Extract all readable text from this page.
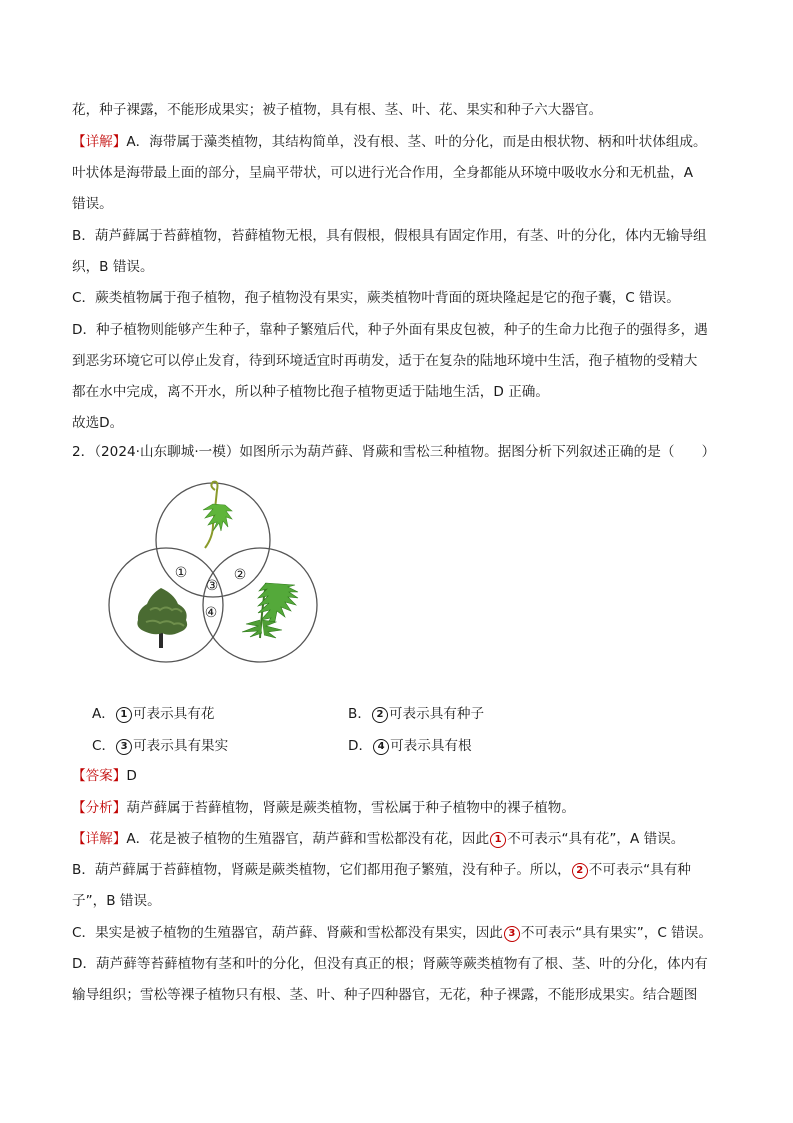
花，种子裸露，不能形成果实；被子植物，具有根、茎、叶、花、果实和种子六大器官。
【详解】A．海带属于藻类植物，其结构简单，没有根、茎、叶的分化，而是由根状物、柄和叶状体组成。
叶状体是海带最上面的部分，呈扁平带状，可以进行光合作用，全身都能从环境中吸收水分和无机盐，A
错误。
B．葫芦藓属于苔藓植物，苔藓植物无根，具有假根，假根具有固定作用，有茎、叶的分化，体内无输导组
织，B 错误。
C．蕨类植物属于孢子植物，孢子植物没有果实，蕨类植物叶背面的斑块隆起是它的孢子囊，C 错误。
D．种子植物则能够产生种子，靠种子繁殖后代，种子外面有果皮包被，种子的生命力比孢子的强得多，遇
到恶劣环境它可以停止发育，待到环境适宜时再萌发，适于在复杂的陆地环境中生活，孢子植物的受精大
都在水中完成，离不开水，所以种子植物比孢子植物更适于陆地生活，D 正确。
故选D。
2．（2024·山东聊城·一模）如图所示为葫芦藓、肾蕨和雪松三种植物。据图分析下列叙述正确的是（　　）
①	②
③
④
A． 1 可表示具有花	B． 2 可表示具有种子
C． 3 可表示具有果实	D． 4 可表示具有根
【答案】D
【分析】葫芦藓属于苔藓植物，肾蕨是蕨类植物，雪松属于种子植物中的裸子植物。
【详解】A．花是被子植物的生殖器官，葫芦藓和雪松都没有花，因此 1 不可表示“具有花”，A 错误。
B．葫芦藓属于苔藓植物，肾蕨是蕨类植物，它们都用孢子繁殖，没有种子。所以， 2 不可表示“具有种
子”，B 错误。
C．果实是被子植物的生殖器官，葫芦藓、肾蕨和雪松都没有果实，因此 3 不可表示“具有果实”，C 错误。
D．葫芦藓等苔藓植物有茎和叶的分化，但没有真正的根；肾蕨等蕨类植物有了根、茎、叶的分化，体内有
输导组织；雪松等裸子植物只有根、茎、叶、种子四种器官，无花，种子裸露，不能形成果实。结合题图
